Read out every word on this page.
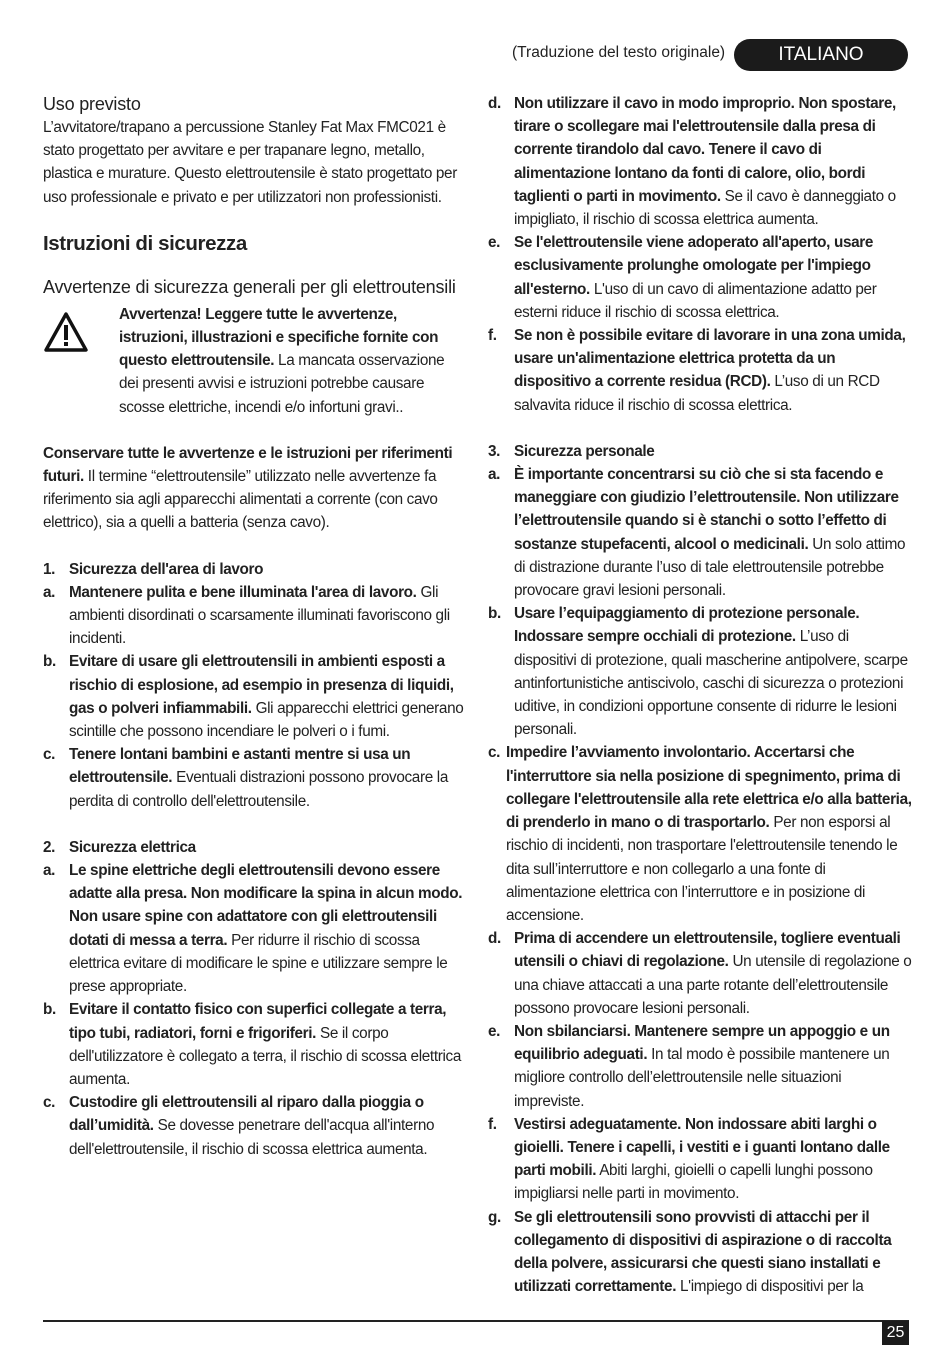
(Traduzione del testo originale)	ITALIANO

Uso previsto

L’avvitatore/trapano a percussione Stanley Fat Max FMC021 è stato progettato per avvitare e per trapanare legno, metallo, plastica e murature. Questo elettroutensile è stato progettato per uso professionale e privato e per utilizzatori non professionisti.

Istruzioni di sicurezza

Avvertenze di sicurezza generali per gli elettroutensili

Avvertenza! Leggere tutte le avvertenze, istruzioni, illustrazioni e specifiche fornite con questo elettroutensile. La mancata osservazione dei presenti avvisi e istruzioni potrebbe causare scosse elettriche, incendi e/o infortuni gravi..

Conservare tutte le avvertenze e le istruzioni per riferimenti futuri. Il termine “elettroutensile” utilizzato nelle avvertenze fa riferimento sia agli apparecchi alimentati a corrente (con cavo elettrico), sia a quelli a batteria (senza cavo).

1. Sicurezza dell'area di lavoro
a. Mantenere pulita e bene illuminata l'area di lavoro. Gli ambienti disordinati o scarsamente illuminati favoriscono gli incidenti.
b. Evitare di usare gli elettroutensili in ambienti esposti a rischio di esplosione, ad esempio in presenza di liquidi, gas o polveri infiammabili. Gli apparecchi elettrici generano scintille che possono incendiare le polveri o i fumi.
c. Tenere lontani bambini e astanti mentre si usa un elettroutensile. Eventuali distrazioni possono provocare la perdita di controllo dell'elettroutensile.
2. Sicurezza elettrica
a. Le spine elettriche degli elettroutensili devono essere adatte alla presa. Non modificare la spina in alcun modo.
Non usare spine con adattatore con gli elettroutensili dotati di messa a terra. Per ridurre il rischio di scossa elettrica evitare di modificare le spine e utilizzare sempre le prese appropriate.
b. Evitare il contatto fisico con superfici collegate a terra, tipo tubi, radiatori, forni e frigoriferi. Se il corpo dell'utilizzatore è collegato a terra, il rischio di scossa elettrica aumenta.
c. Custodire gli elettroutensili al riparo dalla pioggia o dall’umidità. Se dovesse penetrare dell'acqua all'interno dell'elettroutensile, il rischio di scossa elettrica aumenta.
d. Non utilizzare il cavo in modo improprio. Non spostare, tirare o scollegare mai l'elettroutensile dalla presa di corrente tirandolo dal cavo. Tenere il cavo di alimentazione lontano da fonti di calore, olio, bordi taglienti o parti in movimento. Se il cavo è danneggiato o impigliato, il rischio di scossa elettrica aumenta.
e. Se l'elettroutensile viene adoperato all'aperto, usare esclusivamente prolunghe omologate per l'impiego all'esterno. L'uso di un cavo di alimentazione adatto per esterni riduce il rischio di scossa elettrica.
f.	Se non è possibile evitare di lavorare in una zona umida, usare un'alimentazione elettrica protetta da un dispositivo a corrente residua (RCD). L’uso di un RCD salvavita riduce il rischio di scossa elettrica.
3. Sicurezza personale
a. È importante concentrarsi su ciò che si sta facendo e maneggiare con giudizio l’elettroutensile. Non utilizzare l’elettroutensile quando si è stanchi o sotto l’effetto di sostanze stupefacenti, alcool o medicinali. Un solo attimo di distrazione durante l’uso di tale elettroutensile potrebbe provocare gravi lesioni personali.
b. Usare l’equipaggiamento di protezione personale. Indossare sempre occhiali di protezione. L’uso di dispositivi di protezione, quali mascherine antipolvere, scarpe antinfortunistiche antiscivolo, caschi di sicurezza o protezioni uditive, in condizioni opportune consente di ridurre le lesioni personali.
c. Impedire l’avviamento involontario. Accertarsi che l'interruttore sia nella posizione di spegnimento, prima di collegare l'elettroutensile alla rete elettrica e/o alla batteria, di prenderlo in mano o di trasportarlo. Per non esporsi al rischio di incidenti, non trasportare l'elettroutensile tenendo le dita sull’interruttore e non collegarlo a una fonte di alimentazione elettrica con l’interruttore e in posizione di accensione.
d. Prima di accendere un elettroutensile, togliere eventuali utensili o chiavi di regolazione. Un utensile di regolazione o una chiave attaccati a una parte rotante dell’elettroutensile possono provocare lesioni personali.
e. Non sbilanciarsi. Mantenere sempre un appoggio e un equilibrio adeguati. In tal modo è possibile mantenere un migliore controllo dell’elettroutensile nelle situazioni impreviste.
f.	Vestirsi adeguatamente. Non indossare abiti larghi o gioielli. Tenere i capelli, i vestiti e i guanti lontano dalle parti mobili. Abiti larghi, gioielli o capelli lunghi possono impigliarsi nelle parti in movimento.
g. Se gli elettroutensili sono provvisti di attacchi per il collegamento di dispositivi di aspirazione o di raccolta della polvere, assicurarsi che questi siano installati e utilizzati correttamente. L'impiego di dispositivi per la
25
